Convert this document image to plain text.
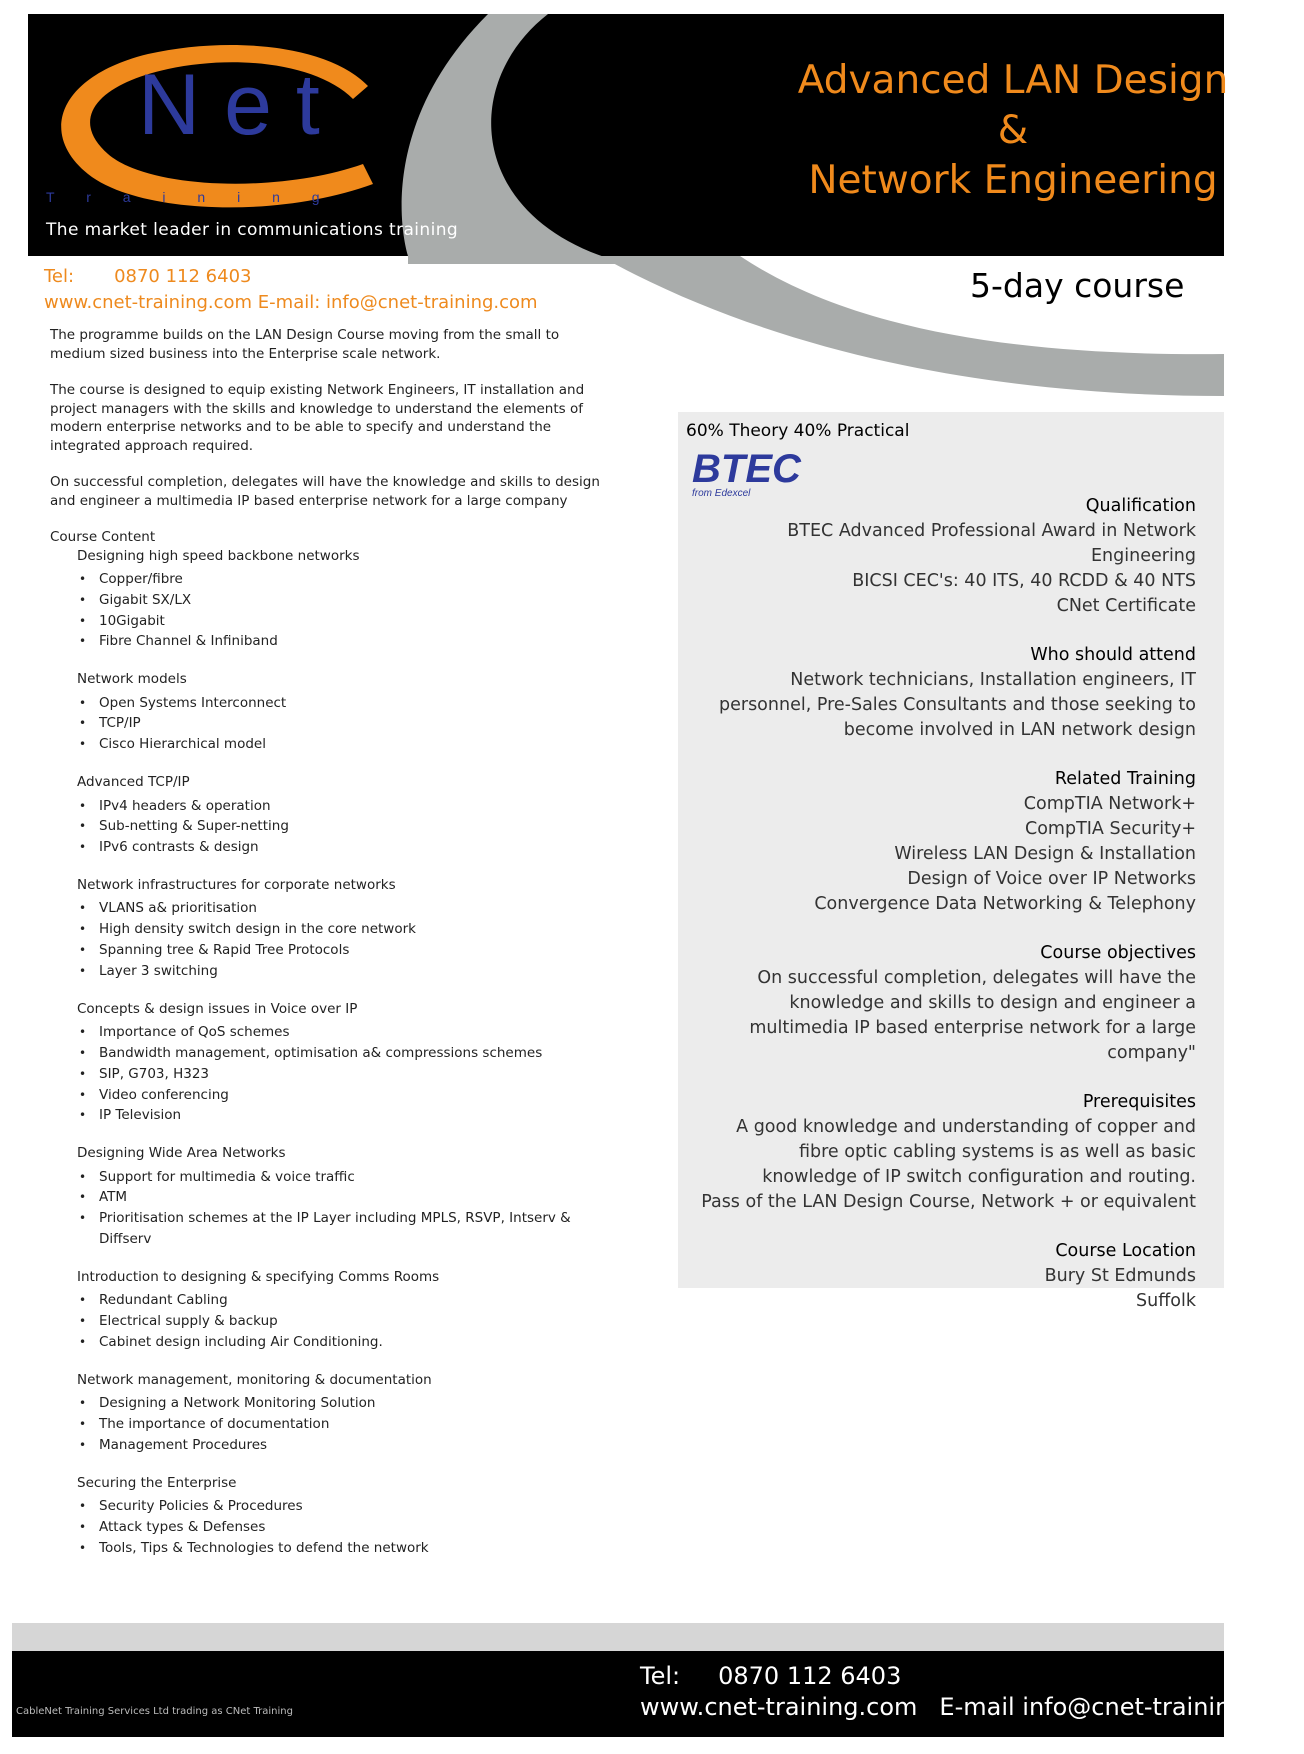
Net
T r a i n i n g
The market leader in communications training
Advanced LAN Design
&
Network Engineering
Tel: 0870 112 6403
www.cnet-training.com E-mail: info@cnet-training.com	5-day course

The programme builds on the LAN Design Course moving from the small to medium sized business into the Enterprise scale network.

The course is designed to equip existing Network Engineers, IT installation and project managers with the skills and knowledge to understand the elements of modern enterprise networks and to be able to specify and understand the integrated approach required.

On successful completion, delegates will have the knowledge and skills to design and engineer a multimedia IP based enterprise network for a large company

Course Content
Designing high speed backbone networks
• Copper/fibre
• Gigabit SX/LX
• 10Gigabit
• Fibre Channel & Infiniband
Network models
• Open Systems Interconnect
• TCP/IP
• Cisco Hierarchical model
Advanced TCP/IP
• IPv4 headers & operation
• Sub-netting & Super-netting
• IPv6 contrasts & design
Network infrastructures for corporate networks
• VLANS a& prioritisation
• High density switch design in the core network
• Spanning tree & Rapid Tree Protocols
• Layer 3 switching
Concepts & design issues in Voice over IP
• Importance of QoS schemes
• Bandwidth management, optimisation a& compressions schemes
• SIP, G703, H323
• Video conferencing
• IP Television
Designing Wide Area Networks
• Support for multimedia & voice traffic
• ATM
• Prioritisation schemes at the IP Layer including MPLS, RSVP, Intserv & Diffserv
Introduction to designing & specifying Comms Rooms
• Redundant Cabling
• Electrical supply & backup
• Cabinet design including Air Conditioning.
Network management, monitoring & documentation
• Designing a Network Monitoring Solution
• The importance of documentation
• Management Procedures
Securing the Enterprise
• Security Policies & Procedures
• Attack types & Defenses
• Tools, Tips & Technologies to defend the network
60% Theory 40% Practical
BTEC
from Edexcel
Qualification
BTEC Advanced Professional Award in Network Engineering
BICSI CEC's: 40 ITS, 40 RCDD & 40 NTS
CNet Certificate
Who should attend
Network technicians, Installation engineers, IT personnel, Pre-Sales Consultants and those seeking to become involved in LAN network design
Related Training
CompTIA Network+
CompTIA Security+
Wireless LAN Design & Installation
Design of Voice over IP Networks
Convergence Data Networking & Telephony
Course objectives
On successful completion, delegates will have the knowledge and skills to design and engineer a multimedia IP based enterprise network for a large company"
Prerequisites
A good knowledge and understanding of copper and fibre optic cabling systems is as well as basic knowledge of IP switch configuration and routing.
Pass of the LAN Design Course, Network + or equivalent
Course Location
Bury St Edmunds
Suffolk
CableNet Training Services Ltd trading as CNet Training
Tel: 0870 112 6403
www.cnet-training.com E-mail info@cnet-training.com
